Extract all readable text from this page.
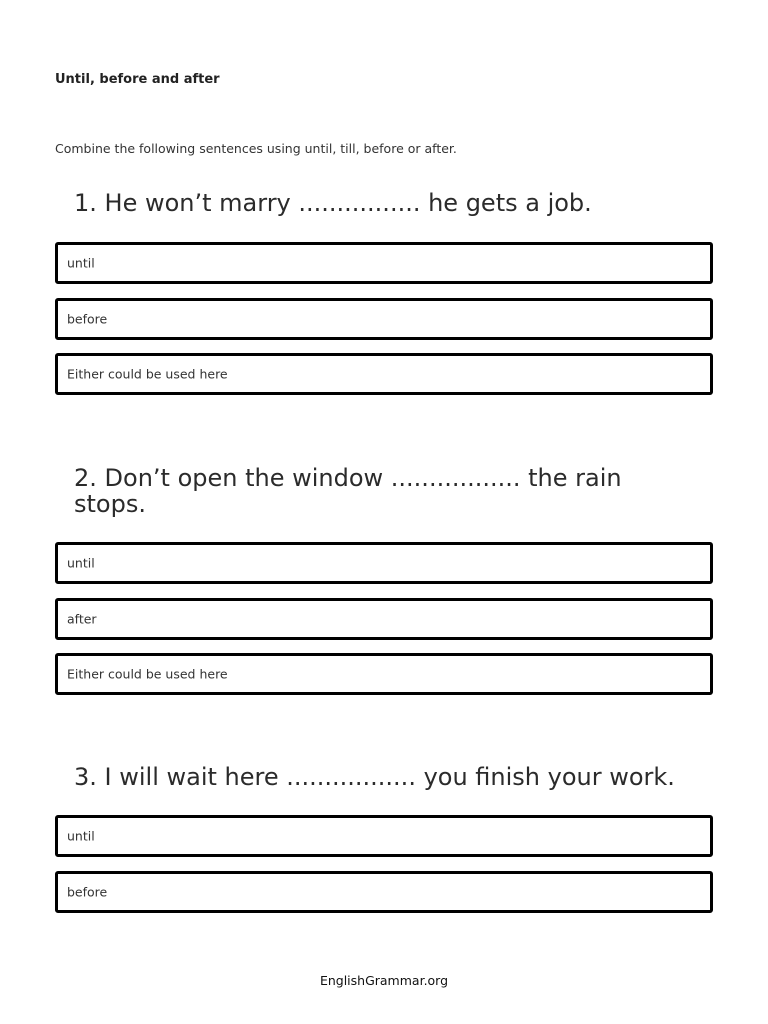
Until, before and after
Combine the following sentences using until, till, before or after.
1. He won’t marry ................ he gets a job.
until
before
Either could be used here
2. Don’t open the window ................. the rain stops.
until
after
Either could be used here
3. I will wait here ................. you finish your work.
until
before
EnglishGrammar.org
